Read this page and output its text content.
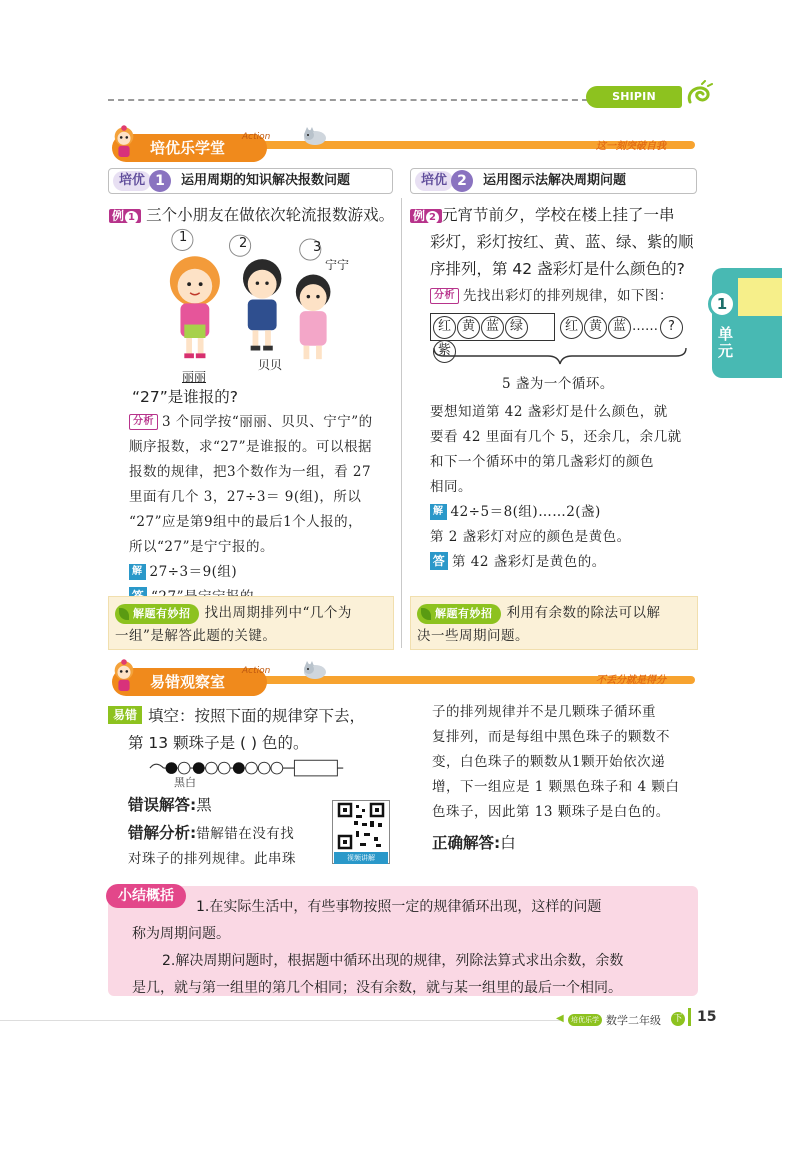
SHIPIN JIANGJIE
培优乐学堂
Action
这一刻突破自我
培优 1	运用周期的知识解决报数问题	培优 2	运用图示法解决周期问题
例 1 三个小朋友在做依次轮流报数游戏。
1	2	3
丽丽
贝贝
宁宁
“27”是谁报的?
分析 3 个同学按“丽丽、贝贝、宁宁”的
顺序报数，求“27”是谁报的。可以根据
报数的规律，把3个数作为一组，看 27
里面有几个 3，27÷3＝ 9(组)，所以
“27”应是第9组中的最后1个人报的，
所以“27”是宁宁报的。
解 27÷3＝9(组)
解题有妙招 找出周期排列中“几个为
一组”是解答此题的关键。
例 2 元宵节前夕，学校在楼上挂了一串
彩灯，彩灯按红、黄、蓝、绿、紫的顺
序排列，第 42 盏彩灯是什么颜色的?
分析 先找出彩灯的排列规律，如下图：
红 黄 蓝 绿紫
红 黄 蓝 …… ?
5 盏为一个循环。
要想知道第 42 盏彩灯是什么颜色，就
要看 42 里面有几个 5，还余几，余几就
和下一个循环中的第几盏彩灯的颜色
相同。
解 42÷5＝8(组)……2(盏)
第 2 盏彩灯对应的颜色是黄色。
答 第 42 盏彩灯是黄色的。
解题有妙招 利用有余数的除法可以解
决一些周期问题。
1
单元
易错观察室
Action
不丢分就是得分
易错 填空：按照下面的规律穿下去，
第 13 颗珠子是 ( ) 色的。
黑白
错误解答:黑
错解分析:错解错在没有找
对珠子的排列规律。此串珠	视频讲解
子的排列规律并不是几颗珠子循环重
复排列，而是每组中黑色珠子的颗数不
变，白色珠子的颗数从1颗开始依次递
增，下一组应是 1 颗黑色珠子和 4 颗白
色珠子，因此第 13 颗珠子是白色的。
正确解答:白
小结概括
1.在实际生活中，有些事物按照一定的规律循环出现，这样的问题
称为周期问题。
2.解决周期问题时，根据题中循环出现的规律，列除法算式求出余数，余数
是几，就与第一组里的第几个相同；没有余数，就与某一组里的最后一个相同。
◀	培优乐学 数学二年级 下 15
